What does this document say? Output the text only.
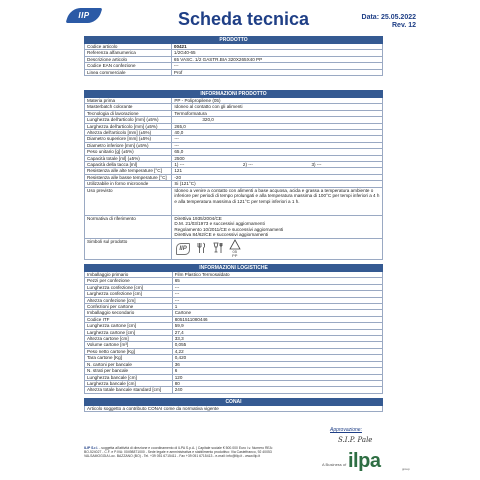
IIP	Scheda tecnica	Data: 25.05.2022
Rev. 12
PRODOTTO	
Codice articolo	00421
Referenza alfanumerica	1/2G40-65
Descrizione articolo	65 VASC. 1/2 GASTR.BIA 320X265X40 PP
Codice EAN confezione	---
Linea commerciale	Prof
INFORMAZIONI PRODOTTO	
Materia prima	PP - Polipropilene (05)
Masterbatch colorante	Idoneo al contatto con gli alimenti
Tecnologia di lavorazione	Termoformatura
Lunghezza dell'articolo [mm] (±5%)	320,0
Larghezza dell'articolo [mm] (±5%)	265,0
Altezza dell'articolo [mm] (±5%)	40,0
Diametro superiore [mm] (±5%)	---
Diametro inferiore [mm] (±5%)	---
Peso unitario [g] (±5%)	65,0
Capacità totale [ml] (±5%)	2500
Capacità della tacca [ml]	1) --- 2) --- 3) ---

Resistenza alle alte temperature [°C]	121
Resistenza alle basse temperature [°C]	-20
Utilizzabile in forno microonde	Si (121°C)
Uso previsto	Idoneo a venire a contatto con alimenti a base acquosa, acida e grassa a temperatura ambiente o inferiore per periodi di tempo prolungati e alla temperatura massima di 100°C per tempi inferiori a 4 h e alla temperatura massima di 121°C per tempi inferiori a 1 h.
Normativa di riferimento	Direttiva 1935/2004/CE
D.M. 21/03/1973 e successivi aggiornamenti
Regolamento 10/2011/CE e successivi aggiornamenti
Direttiva 84/62/CE e successivi aggiornamenti

Simboli sul prodotto	IIP 05
PP
INFORMAZIONI LOGISTICHE	
Imballaggio primario	Film Plastico Termosaldato
Pezzi per confezione	65
Lunghezza confezione [cm]	---
Larghezza confezione [cm]	---
Altezza confezione [cm]	---
Confezioni per cartone	1
Imballaggio secondario	Cartone
Codice ITF	8051511080446
Lunghezza cartone [cm]	59,9
Larghezza cartone [cm]	27,4
Altezza cartone [cm]	33,3
Volume cartone [m³]	0,055
Peso netto cartone [Kg]	4,22
Tara cartone [Kg]	0,420
N. cartoni per bancale	36
N. strati per bancale	6
Lunghezza bancale [cm]	120
Larghezza bancale [cm]	80
Altezza totale bancale standard [cm]	240
CONAI
Articolo soggetto a contributo CONAI come da normativa vigente
Approvazione:
S.I.P. Pale
ILIP S.r.l. - soggetta all'attività di direzione e coordinamento di ILPA S.p.A. | Capitale sociale € 500.000 Euro i.v. Numero REA: BO-524027 - C.F. e P.IVA: 00498871000 - Sede legale e amministrativa e stabilimento produttivo: Via Castelfranco, 92 40053 VALSAMOGGIA Loc. BAZZANO (BO) - Tel. +39 051 6715411 - Fax +39 051 6715413 - e-mail: info@ilip.it - www.ilip.it
A Business of ilpa	group
